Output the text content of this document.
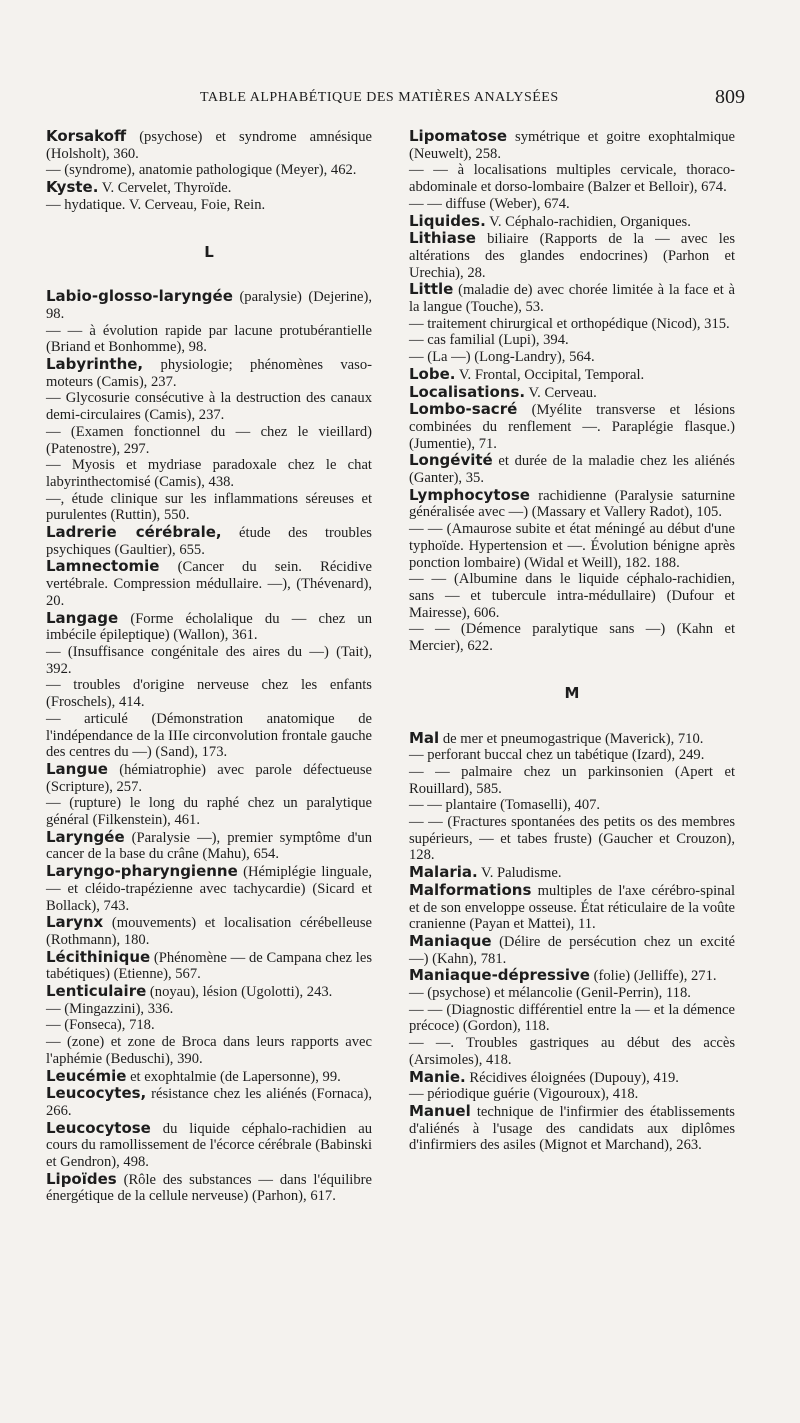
TABLE ALPHABÉTIQUE DES MATIÈRES ANALYSÉES	809

Korsakoff (psychose) et syndrome amnésique (Holsholt), 360.

— (syndrome), anatomie pathologique (Meyer), 462.

Kyste. V. Cervelet, Thyroïde.

— hydatique. V. Cerveau, Foie, Rein.

L

Labio-glosso-laryngée (paralysie) (Dejerine), 98.

— — à évolution rapide par lacune protubérantielle (Briand et Bonhomme), 98.

Labyrinthe, physiologie; phénomènes vaso-moteurs (Camis), 237.

— Glycosurie consécutive à la destruction des canaux demi-circulaires (Camis), 237.

— (Examen fonctionnel du — chez le vieillard) (Patenostre), 297.

— Myosis et mydriase paradoxale chez le chat labyrinthectomisé (Camis), 438.

—, étude clinique sur les inflammations séreuses et purulentes (Ruttin), 550.

Ladrerie cérébrale, étude des troubles psychiques (Gaultier), 655.

Lamnectomie (Cancer du sein. Récidive vertébrale. Compression médullaire. —), (Thévenard), 20.

Langage (Forme écholalique du — chez un imbécile épileptique) (Wallon), 361.

— (Insuffisance congénitale des aires du —) (Tait), 392.

— troubles d'origine nerveuse chez les enfants (Froschels), 414.

— articulé (Démonstration anatomique de l'indépendance de la IIIe circonvolution frontale gauche des centres du —) (Sand), 173.

Langue (hémiatrophie) avec parole défectueuse (Scripture), 257.

— (rupture) le long du raphé chez un paralytique général (Filkenstein), 461.

Laryngée (Paralysie —), premier symptôme d'un cancer de la base du crâne (Mahu), 654.

Laryngo-pharyngienne (Hémiplégie linguale, — et cléido-trapézienne avec tachycardie) (Sicard et Bollack), 743.

Larynx (mouvements) et localisation cérébelleuse (Rothmann), 180.

Lécithinique (Phénomène — de Campana chez les tabétiques) (Etienne), 567.

Lenticulaire (noyau), lésion (Ugolotti), 243.

— (Mingazzini), 336.

— (Fonseca), 718.

— (zone) et zone de Broca dans leurs rapports avec l'aphémie (Beduschi), 390.

Leucémie et exophtalmie (de Lapersonne), 99.

Leucocytes, résistance chez les aliénés (Fornaca), 266.

Leucocytose du liquide céphalo-rachidien au cours du ramollissement de l'écorce cérébrale (Babinski et Gendron), 498.

Lipoïdes (Rôle des substances — dans l'équilibre énergétique de la cellule nerveuse) (Parhon), 617.

Lipomatose symétrique et goitre exophtalmique (Neuwelt), 258.

— — à localisations multiples cervicale, thoraco-abdominale et dorso-lombaire (Balzer et Belloir), 674.

— — diffuse (Weber), 674.

Liquides. V. Céphalo-rachidien, Organiques.

Lithiase biliaire (Rapports de la — avec les altérations des glandes endocrines) (Parhon et Urechia), 28.

Little (maladie de) avec chorée limitée à la face et à la langue (Touche), 53.

— traitement chirurgical et orthopédique (Nicod), 315.

— cas familial (Lupi), 394.

— (La —) (Long-Landry), 564.

Lobe. V. Frontal, Occipital, Temporal.

Localisations. V. Cerveau.

Lombo-sacré (Myélite transverse et lésions combinées du renflement —. Paraplégie flasque.) (Jumentie), 71.

Longévité et durée de la maladie chez les aliénés (Ganter), 35.

Lymphocytose rachidienne (Paralysie saturnine généralisée avec —) (Massary et Vallery Radot), 105.

— — (Amaurose subite et état méningé au début d'une typhoïde. Hypertension et —. Évolution bénigne après ponction lombaire) (Widal et Weill), 182. 188.

— — (Albumine dans le liquide céphalo-rachidien, sans — et tubercule intra-médullaire) (Dufour et Mairesse), 606.

— — (Démence paralytique sans —) (Kahn et Mercier), 622.

M

Mal de mer et pneumogastrique (Maverick), 710.

— perforant buccal chez un tabétique (Izard), 249.

— — palmaire chez un parkinsonien (Apert et Rouillard), 585.

— — plantaire (Tomaselli), 407.

— — (Fractures spontanées des petits os des membres supérieurs, — et tabes fruste) (Gaucher et Crouzon), 128.

Malaria. V. Paludisme.

Malformations multiples de l'axe cérébro-spinal et de son enveloppe osseuse. État réticulaire de la voûte cranienne (Payan et Mattei), 11.

Maniaque (Délire de persécution chez un excité —) (Kahn), 781.

Maniaque-dépressive (folie) (Jelliffe), 271.

— (psychose) et mélancolie (Genil-Perrin), 118.

— — (Diagnostic différentiel entre la — et la démence précoce) (Gordon), 118.

— —. Troubles gastriques au début des accès (Arsimoles), 418.

Manie. Récidives éloignées (Dupouy), 419.

— périodique guérie (Vigouroux), 418.

Manuel technique de l'infirmier des établissements d'aliénés à l'usage des candidats aux diplômes d'infirmiers des asiles (Mignot et Marchand), 263.
